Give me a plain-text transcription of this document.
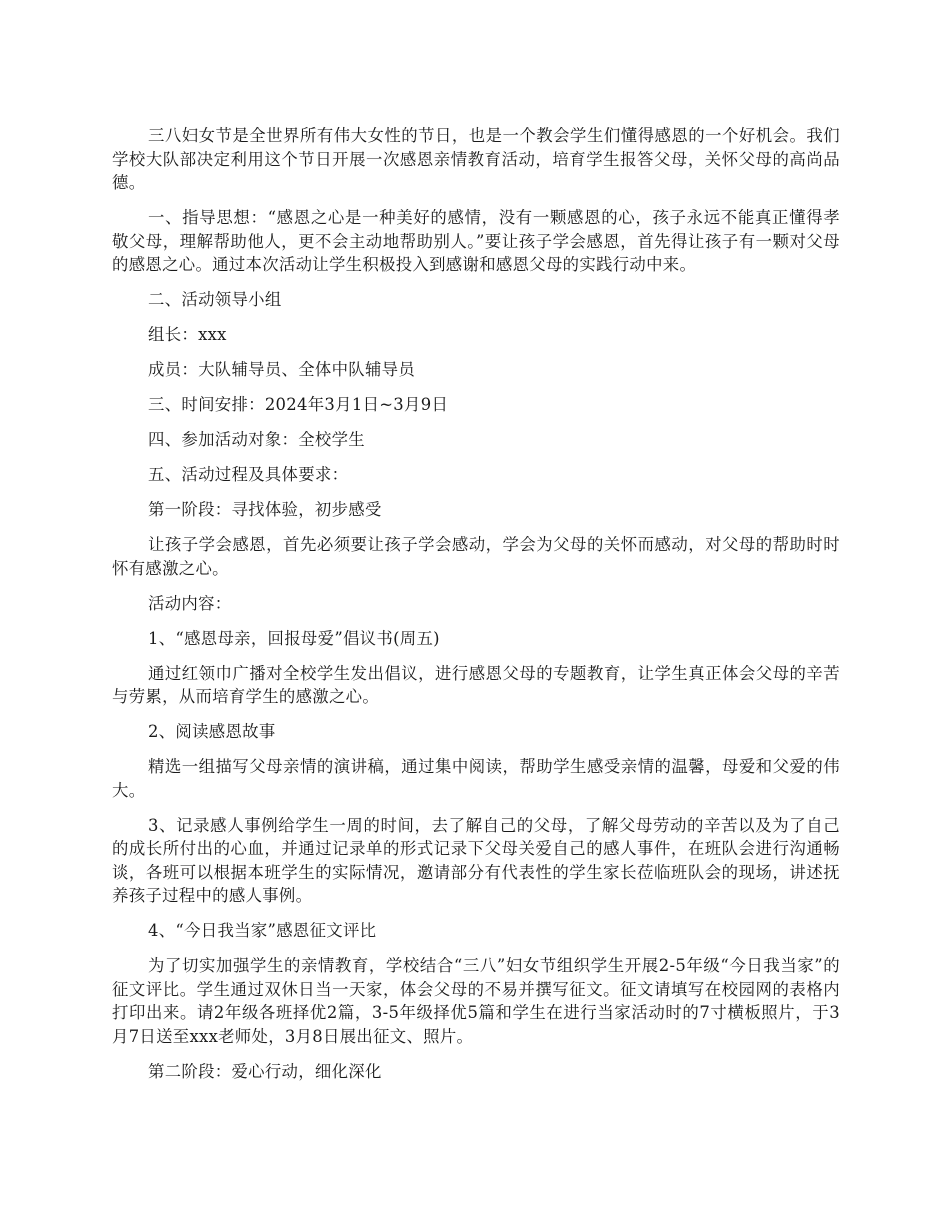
三八妇女节是全世界所有伟大女性的节日，也是一个教会学生们懂得感恩的一个好机会。我们学校大队部决定利用这个节日开展一次感恩亲情教育活动，培育学生报答父母，关怀父母的高尚品德。

一、指导思想：“感恩之心是一种美好的感情，没有一颗感恩的心，孩子永远不能真正懂得孝敬父母，理解帮助他人，更不会主动地帮助别人。”要让孩子学会感恩，首先得让孩子有一颗对父母的感恩之心。通过本次活动让学生积极投入到感谢和感恩父母的实践行动中来。

二、活动领导小组

组长：xxx

成员：大队辅导员、全体中队辅导员

三、时间安排：2024年3月1日~3月9日

四、参加活动对象：全校学生

五、活动过程及具体要求：

第一阶段：寻找体验，初步感受

让孩子学会感恩，首先必须要让孩子学会感动，学会为父母的关怀而感动，对父母的帮助时时怀有感激之心。

活动内容：

1、“感恩母亲，回报母爱”倡议书(周五)

通过红领巾广播对全校学生发出倡议，进行感恩父母的专题教育，让学生真正体会父母的辛苦与劳累，从而培育学生的感激之心。

2、阅读感恩故事

精选一组描写父母亲情的演讲稿，通过集中阅读，帮助学生感受亲情的温馨，母爱和父爱的伟大。

3、记录感人事例给学生一周的时间，去了解自己的父母，了解父母劳动的辛苦以及为了自己的成长所付出的心血，并通过记录单的形式记录下父母关爱自己的感人事件，在班队会进行沟通畅谈，各班可以根据本班学生的实际情况，邀请部分有代表性的学生家长莅临班队会的现场，讲述抚养孩子过程中的感人事例。

4、“今日我当家”感恩征文评比

为了切实加强学生的亲情教育，学校结合“三八”妇女节组织学生开展2-5年级“今日我当家”的征文评比。学生通过双休日当一天家，体会父母的不易并撰写征文。征文请填写在校园网的表格内打印出来。请2年级各班择优2篇，3-5年级择优5篇和学生在进行当家活动时的7寸横板照片，于3月7日送至xxx老师处，3月8日展出征文、照片。

第二阶段：爱心行动，细化深化
